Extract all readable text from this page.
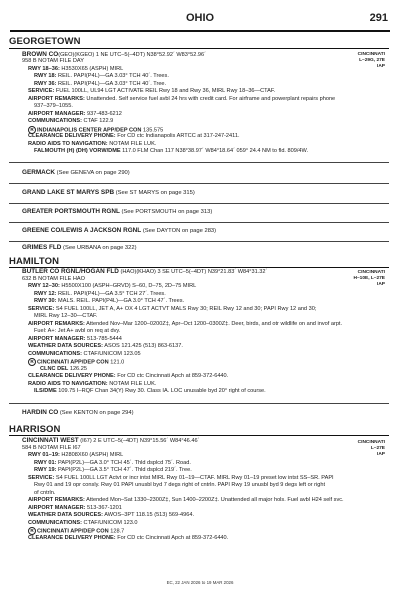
OHIO	291
GEORGETOWN
CINCINNATI
L–29G, 27E
IAP
BROWN CO(GEO)(KGEO) 1 NE UTC–5(–4DT) N38°52.92´ W83°52.96´
958 B NOTAM FILE DAY
RWY 18–36: H3530X65 (ASPH) MIRL
RWY 18: REIL. PAPI(P4L)—GA 3.03° TCH 40´. Trees.
RWY 36: REIL. PAPI(P4L)—GA 3.03° TCH 40´. Tree.
SERVICE: FUEL 100LL, UL94 LGT ACTIVATE REIL Rwy 18 and Rwy 36, MIRL Rwy 18–36—CTAF.
AIRPORT REMARKS: Unattended. Self service fuel avbl 24 hrs with credit card. For airframe and powerplant repairs phone
937–379–1055.
AIRPORT MANAGER: 937-483-6212
COMMUNICATIONS: CTAF 122.9
R INDIANAPOLIS CENTER APP/DEP CON 135.575
CLEARANCE DELIVERY PHONE: For CD ctc Indianapolis ARTCC at 317-247-2411.
RADIO AIDS TO NAVIGATION: NOTAM FILE LUK.
FALMOUTH (H) (DH) VORW/DME 117.0 FLM Chan 117 N38°38.97´ W84°18.64´ 059° 24.4 NM to fld. 809/4W.
GERMACK (See GENEVA on page 290)
GRAND LAKE ST MARYS SPB (See ST MARYS on page 315)
GREATER PORTSMOUTH RGNL (See PORTSMOUTH on page 313)
GREENE CO/LEWIS A JACKSON RGNL (See DAYTON on page 283)
GRIMES FLD (See URBANA on page 322)
HAMILTON
CINCINNATI
H–10E, L–27E
IAP
BUTLER CO RGNL/HOGAN FLD (HAO)(KHAO) 3 SE UTC–5(–4DT) N39°21.83´ W84°31.32´
632 B NOTAM FILE HAO
RWY 12–30: H5500X100 (ASPH–GRVD) S–60, D–75, 2D–75 MIRL
RWY 12: REIL. PAPI(P4L)—GA 3.5° TCH 27´. Trees.
RWY 30: MALS. REIL. PAPI(P4L)—GA 3.0° TCH 47´. Trees.
SERVICE: S4 FUEL 100LL, JET A, A+ OX 4 LGT ACTVT MALS Rwy 30; REIL Rwy 12 and 30; PAPI Rwy 12 and 30;
MIRL Rwy 12–30—CTAF.
AIRPORT REMARKS: Attended Nov–Mar 1200–0200Z‡, Apr–Oct 1200–0300Z‡. Deer, birds, and otr wildlife on and invof arpt.
Fuel: A+: Jet A+ avbl on req at dvy.
AIRPORT MANAGER: 513-785-5444
WEATHER DATA SOURCES: ASOS 121.425 (513) 863-6137.
COMMUNICATIONS: CTAF/UNICOM 123.05
R CINCINNATI APP/DEP CON 121.0
CLNC DEL 126.25
CLEARANCE DELIVERY PHONE: For CD ctc Cincinnati Apch at 859-372-6440.
RADIO AIDS TO NAVIGATION: NOTAM FILE LUK.
ILS/DME 109.75 I–RQF Chan 34(Y) Rwy 30. Class IA. LOC unusable byd 20° right of course.
HARDIN CO (See KENTON on page 294)
HARRISON
CINCINNATI
L–27E
IAP
CINCINNATI WEST (I67) 2 E UTC–5(–4DT) N39°15.56´ W84°46.46´
584 B NOTAM FILE I67
RWY 01–19: H2808X60 (ASPH) MIRL
RWY 01: PAPI(P2L)—GA 3.0° TCH 45´. Thld dsplcd 75´. Road.
RWY 19: PAPI(P2L)—GA 3.5° TCH 47´. Thld dsplcd 219´. Tree.
SERVICE: S4 FUEL 100LL LGT Actvt or incr intst MIRL Rwy 01–19—CTAF. MIRL Rwy 01–19 preset low intst SS–SR. PAPI
Rwy 01 and 19 opr consly. Rwy 01 PAPI unusbl byd 7 degs right of cntrln. PAPI Rwy 19 unusbl byd 9 degs left or right
of cntrln.
AIRPORT REMARKS: Attended Mon–Sat 1330–2300Z‡, Sun 1400–2200Z‡. Unattended all major hols. Fuel avbl H24 self svc.
AIRPORT MANAGER: 513-367-1201
WEATHER DATA SOURCES: AWOS–3PT 118.15 (513) 569-4964.
COMMUNICATIONS: CTAF/UNICOM 123.0
R CINCINNATI APP/DEP CON 128.7
CLEARANCE DELIVERY PHONE: For CD ctc Cincinnati Apch at 859-372-6440.
EC, 22 JAN 2026 to 19 MAR 2026
